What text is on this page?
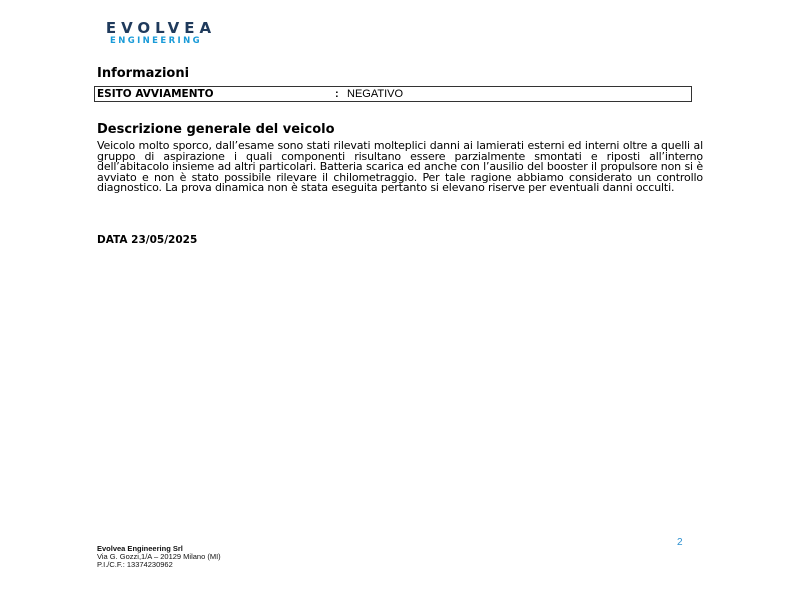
EVOLVEA
ENGINEERING
Informazioni
ESITO AVVIAMENTO	: NEGATIVO
Descrizione generale del veicolo

Veicolo molto sporco, dall’esame sono stati rilevati molteplici danni ai lamierati esterni ed interni oltre a quelli al gruppo di aspirazione i quali componenti risultano essere parzialmente smontati e riposti all’interno dell’abitacolo insieme ad altri particolari. Batteria scarica ed anche con l’ausilio del booster il propulsore non si è avviato e non è stato possibile rilevare il chilometraggio. Per tale ragione abbiamo considerato un controllo diagnostico. La prova dinamica non è stata eseguita pertanto si elevano riserve per eventuali danni occulti.

DATA 23/05/2025
2
Evolvea Engineering Srl
Via G. Gozzi,1/A – 20129 Milano (MI)
P.I./C.F.: 13374230962
